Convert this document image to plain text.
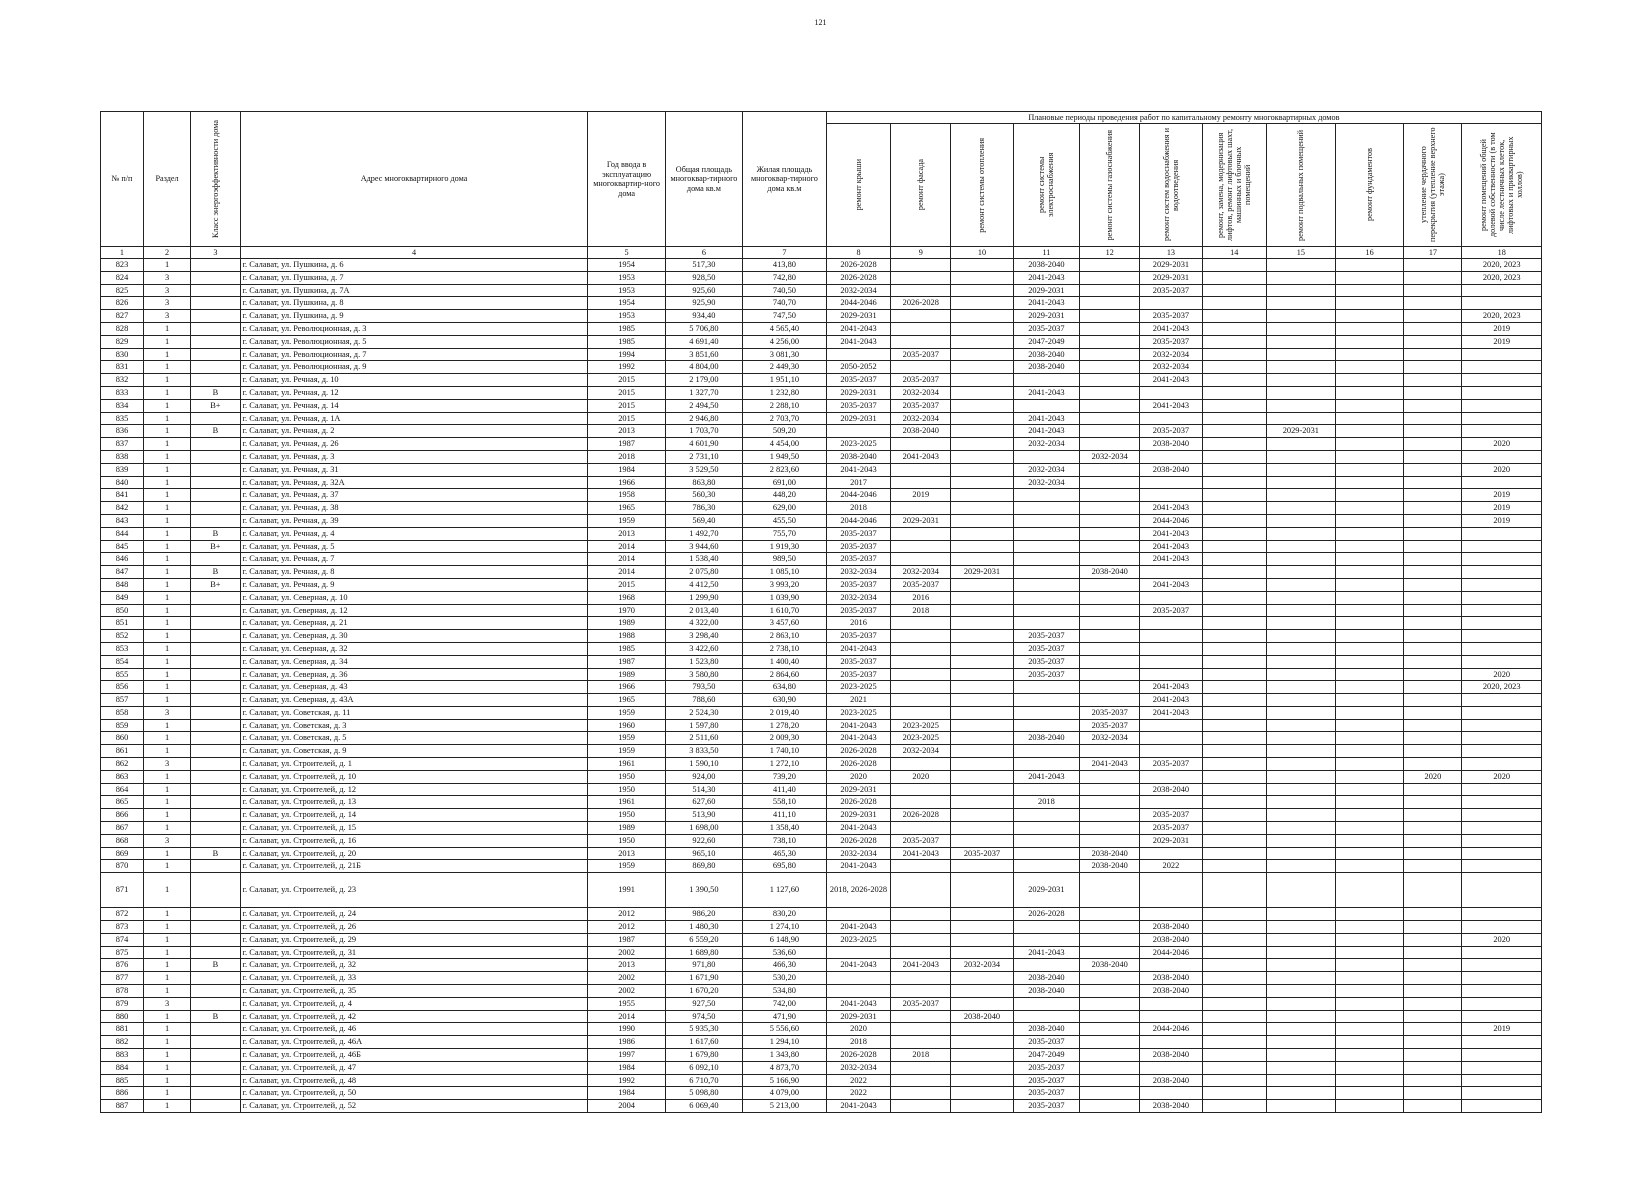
121
№ п/п	Раздел	Класс энергоэффективности дома	Адрес многоквартирного дома	Год ввода в эксплуатацию многоквартир-ного дома	Общая площадь многоквар-тирного дома кв.м	Жилая площадь многоквар-тирного дома кв.м	Плановые периоды проведения работ по капитальному ремонту многоквартирных домов										

							ремонт крыши	ремонт фасада	ремонт системы отопления	ремонт системы электроснабжения	ремонт системы газоснабжения	ремонт систем водоснабжения и водоотведения	ремонт, замена, модернизация лифтов, ремонт лифтовых шахт, машинных и блочных помещений	ремонт подвальных помещений	ремонт фундаментов	утепление чердачного перекрытия (утепление верхнего этажа)	ремонт помещений общей долевой собственности (в том числе лестничных клеток, лифтовых и приквартирных холлов)

1	2	3	4	5	6	7	8	9	10	11	12	13	14	15	16	17	18
823	1		г. Салават, ул. Пушкина, д. 6	1954	517,30	413,80	2026-2028			2038-2040		2029-2031					2020, 2023
824	3		г. Салават, ул. Пушкина, д. 7	1953	928,50	742,80	2026-2028			2041-2043		2029-2031					2020, 2023
825	3		г. Салават, ул. Пушкина, д. 7А	1953	925,60	740,50	2032-2034			2029-2031		2035-2037					
826	3		г. Салават, ул. Пушкина, д. 8	1954	925,90	740,70	2044-2046	2026-2028		2041-2043							
827	3		г. Салават, ул. Пушкина, д. 9	1953	934,40	747,50	2029-2031			2029-2031		2035-2037					2020, 2023
828	1		г. Салават, ул. Революционная, д. 3	1985	5 706,80	4 565,40	2041-2043			2035-2037		2041-2043					2019
829	1		г. Салават, ул. Революционная, д. 5	1985	4 691,40	4 256,00	2041-2043			2047-2049		2035-2037					2019
830	1		г. Салават, ул. Революционная, д. 7	1994	3 851,60	3 081,30		2035-2037		2038-2040		2032-2034					
831	1		г. Салават, ул. Революционная, д. 9	1992	4 804,00	2 449,30	2050-2052			2038-2040		2032-2034					
832	1		г. Салават, ул. Речная, д. 10	2015	2 179,00	1 951,10	2035-2037	2035-2037				2041-2043					
833	1	В	г. Салават, ул. Речная, д. 12	2015	1 327,70	1 232,80	2029-2031	2032-2034		2041-2043							
834	1	В+	г. Салават, ул. Речная, д. 14	2015	2 494,50	2 288,10	2035-2037	2035-2037				2041-2043					
835	1		г. Салават, ул. Речная, д. 1А	2015	2 946,80	2 703,70	2029-2031	2032-2034		2041-2043							
836	1	В	г. Салават, ул. Речная, д. 2	2013	1 703,70	509,20		2038-2040		2041-2043		2035-2037		2029-2031			
837	1		г. Салават, ул. Речная, д. 26	1987	4 601,90	4 454,00	2023-2025			2032-2034		2038-2040					2020
838	1		г. Салават, ул. Речная, д. 3	2018	2 731,10	1 949,50	2038-2040	2041-2043			2032-2034						
839	1		г. Салават, ул. Речная, д. 31	1984	3 529,50	2 823,60	2041-2043			2032-2034		2038-2040					2020
840	1		г. Салават, ул. Речная, д. 32А	1966	863,80	691,00	2017			2032-2034							
841	1		г. Салават, ул. Речная, д. 37	1958	560,30	448,20	2044-2046	2019									2019
842	1		г. Салават, ул. Речная, д. 38	1965	786,30	629,00	2018					2041-2043					2019
843	1		г. Салават, ул. Речная, д. 39	1959	569,40	455,50	2044-2046	2029-2031				2044-2046					2019
844	1	В	г. Салават, ул. Речная, д. 4	2013	1 492,70	755,70	2035-2037					2041-2043					
845	1	В+	г. Салават, ул. Речная, д. 5	2014	3 944,60	1 919,30	2035-2037					2041-2043					
846	1		г. Салават, ул. Речная, д. 7	2014	1 538,40	989,50	2035-2037					2041-2043					
847	1	В	г. Салават, ул. Речная, д. 8	2014	2 075,80	1 085,10	2032-2034	2032-2034	2029-2031		2038-2040						
848	1	В+	г. Салават, ул. Речная, д. 9	2015	4 412,50	3 993,20	2035-2037	2035-2037				2041-2043					
849	1		г. Салават, ул. Северная, д. 10	1968	1 299,90	1 039,90	2032-2034	2016									
850	1		г. Салават, ул. Северная, д. 12	1970	2 013,40	1 610,70	2035-2037	2018				2035-2037					
851	1		г. Салават, ул. Северная, д. 21	1989	4 322,00	3 457,60	2016										
852	1		г. Салават, ул. Северная, д. 30	1988	3 298,40	2 863,10	2035-2037			2035-2037							
853	1		г. Салават, ул. Северная, д. 32	1985	3 422,60	2 738,10	2041-2043			2035-2037							
854	1		г. Салават, ул. Северная, д. 34	1987	1 523,80	1 400,40	2035-2037			2035-2037							
855	1		г. Салават, ул. Северная, д. 36	1989	3 580,80	2 864,60	2035-2037			2035-2037							2020
856	1		г. Салават, ул. Северная, д. 43	1966	793,50	634,80	2023-2025					2041-2043					2020, 2023
857	1		г. Салават, ул. Северная, д. 43А	1965	788,60	630,90	2021					2041-2043					
858	3		г. Салават, ул. Советская, д. 11	1959	2 524,30	2 019,40	2023-2025				2035-2037	2041-2043					
859	1		г. Салават, ул. Советская, д. 3	1960	1 597,80	1 278,20	2041-2043	2023-2025			2035-2037						
860	1		г. Салават, ул. Советская, д. 5	1959	2 511,60	2 009,30	2041-2043	2023-2025		2038-2040	2032-2034						
861	1		г. Салават, ул. Советская, д. 9	1959	3 833,50	1 740,10	2026-2028	2032-2034									
862	3		г. Салават, ул. Строителей, д. 1	1961	1 590,10	1 272,10	2026-2028				2041-2043	2035-2037					
863	1		г. Салават, ул. Строителей, д. 10	1950	924,00	739,20	2020	2020		2041-2043						2020	2020
864	1		г. Салават, ул. Строителей, д. 12	1950	514,30	411,40	2029-2031					2038-2040					
865	1		г. Салават, ул. Строителей, д. 13	1961	627,60	558,10	2026-2028			2018							
866	1		г. Салават, ул. Строителей, д. 14	1950	513,90	411,10	2029-2031	2026-2028				2035-2037					
867	1		г. Салават, ул. Строителей, д. 15	1989	1 698,00	1 358,40	2041-2043					2035-2037					
868	3		г. Салават, ул. Строителей, д. 16	1950	922,60	738,10	2026-2028	2035-2037				2029-2031					
869	1	В	г. Салават, ул. Строителей, д. 20	2013	965,10	465,30	2032-2034	2041-2043	2035-2037		2038-2040						
870	1		г. Салават, ул. Строителей, д. 21Б	1959	869,80	695,80	2041-2043				2038-2040	2022					
871	1		г. Салават, ул. Строителей, д. 23	1991	1 390,50	1 127,60	2018, 2026-2028			2029-2031							
872	1		г. Салават, ул. Строителей, д. 24	2012	986,20	830,20				2026-2028							
873	1		г. Салават, ул. Строителей, д. 26	2012	1 480,30	1 274,10	2041-2043					2038-2040					
874	1		г. Салават, ул. Строителей, д. 29	1987	6 559,20	6 148,90	2023-2025					2038-2040					2020
875	1		г. Салават, ул. Строителей, д. 31	2002	1 689,80	536,60				2041-2043		2044-2046					
876	1	В	г. Салават, ул. Строителей, д. 32	2013	971,80	466,30	2041-2043	2041-2043	2032-2034		2038-2040						
877	1		г. Салават, ул. Строителей, д. 33	2002	1 671,90	530,20				2038-2040		2038-2040					
878	1		г. Салават, ул. Строителей, д. 35	2002	1 670,20	534,80				2038-2040		2038-2040					
879	3		г. Салават, ул. Строителей, д. 4	1955	927,50	742,00	2041-2043	2035-2037									
880	1	В	г. Салават, ул. Строителей, д. 42	2014	974,50	471,90	2029-2031		2038-2040								
881	1		г. Салават, ул. Строителей, д. 46	1990	5 935,30	5 556,60	2020			2038-2040		2044-2046					2019
882	1		г. Салават, ул. Строителей, д. 46А	1986	1 617,60	1 294,10	2018			2035-2037							
883	1		г. Салават, ул. Строителей, д. 46Б	1997	1 679,80	1 343,80	2026-2028	2018		2047-2049		2038-2040					
884	1		г. Салават, ул. Строителей, д. 47	1984	6 092,10	4 873,70	2032-2034			2035-2037							
885	1		г. Салават, ул. Строителей, д. 48	1992	6 710,70	5 166,90	2022			2035-2037		2038-2040					
886	1		г. Салават, ул. Строителей, д. 50	1984	5 098,80	4 079,00	2022			2035-2037							
887	1		г. Салават, ул. Строителей, д. 52	2004	6 069,40	5 213,00	2041-2043			2035-2037		2038-2040					
